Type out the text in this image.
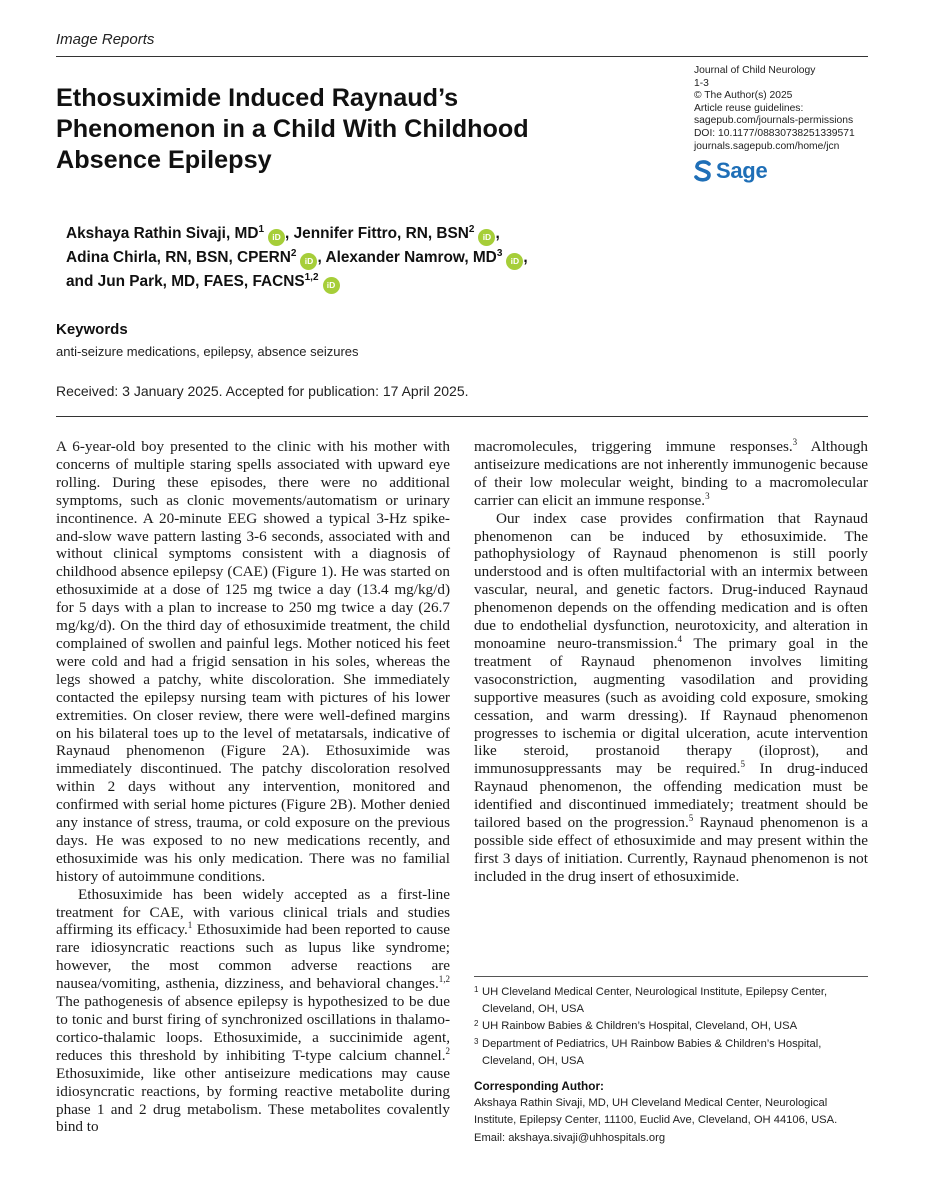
Image Reports
Journal of Child Neurology
1-3
© The Author(s) 2025
Article reuse guidelines:
sagepub.com/journals-permissions
DOI: 10.1177/08830738251339571
journals.sagepub.com/home/jcn
Sage
Ethosuximide Induced Raynaud’s
Phenomenon in a Child With Childhood
Absence Epilepsy
Akshaya Rathin Sivaji, $MD^1iD$ , Jennifer Fittro, RN, BSN$^2$iD ,
Adina Chirla, RN, BSN, CPERN$^2$iD , Alexander Namrow, $MD^3iD$ ,
and Jun Park, MD, FAES, FACNS$^{1,2}$iD
Keywords
anti-seizure medications, epilepsy, absence seizures
Received: 3 January 2025. Accepted for publication: 17 April 2025.

A 6-year-old boy presented to the clinic with his mother with concerns of multiple staring spells associated with upward eye rolling. During these episodes, there were no additional symptoms, such as clonic movements/automatism or urinary incontinence. A 20-minute EEG showed a typical 3-Hz spike-and-slow wave pattern lasting 3-6 seconds, associated with and without clinical symptoms consistent with a diagnosis of childhood absence epilepsy (CAE) (Figure 1). He was started on ethosuximide at a dose of 125 mg twice a day (13.4 mg/kg/d) for 5 days with a plan to increase to 250 mg twice a day (26.7 mg/kg/d). On the third day of ethosuximide treatment, the child complained of swollen and painful legs. Mother noticed his feet were cold and had a frigid sensation in his soles, whereas the legs showed a patchy, white discoloration. She immediately contacted the epilepsy nursing team with pictures of his lower extremities. On closer review, there were well-defined margins on his bilateral toes up to the level of metatarsals, indicative of Raynaud phenomenon (Figure 2A). Ethosuximide was immediately discontinued. The patchy discoloration resolved within 2 days without any intervention, monitored and confirmed with serial home pictures (Figure 2B). Mother denied any instance of stress, trauma, or cold exposure on the previous days. He was exposed to no new medications recently, and ethosuximide was his only medication. There was no familial history of autoimmune conditions.

Ethosuximide has been widely accepted as a first-line treatment for CAE, with various clinical trials and studies affirming its efficacy.$^1$ Ethosuximide had been reported to cause rare idiosyncratic reactions such as lupus like syndrome; however, the most common adverse reactions are nausea/vomiting, asthenia, dizziness, and behavioral changes.$^{1,2}$ The pathogenesis of absence epilepsy is hypothesized to be due to tonic and burst firing of synchronized oscillations in thalamo-cortico-thalamic loops. Ethosuximide, a succinimide agent, reduces this threshold by inhibiting T-type calcium channel.$^2$ Ethosuximide, like other antiseizure medications may cause idiosyncratic reactions, by forming reactive metabolite during phase 1 and 2 drug metabolism. These metabolites covalently bind to

macromolecules, triggering immune responses.$^3$ Although antiseizure medications are not inherently immunogenic because of their low molecular weight, binding to a macromolecular carrier can elicit an immune response.$^3$

Our index case provides confirmation that Raynaud phenomenon can be induced by ethosuximide. The pathophysiology of Raynaud phenomenon is still poorly understood and is often multifactorial with an intermix between vascular, neural, and genetic factors. Drug-induced Raynaud phenomenon depends on the offending medication and is often due to endothelial dysfunction, neurotoxicity, and alteration in monoamine neuro-transmission.$^4$ The primary goal in the treatment of Raynaud phenomenon involves limiting vasoconstriction, augmenting vasodilation and providing supportive measures (such as avoiding cold exposure, smoking cessation, and warm dressing). If Raynaud phenomenon progresses to ischemia or digital ulceration, acute intervention like steroid, prostanoid therapy (iloprost), and immunosuppressants may be required.$^5$ In drug-induced Raynaud phenomenon, the offending medication must be identified and discontinued immediately; treatment should be tailored based on the progression.$^5$ Raynaud phenomenon is a possible side effect of ethosuximide and may present within the first 3 days of initiation. Currently, Raynaud phenomenon is not included in the drug insert of ethosuximide.

1 UH Cleveland Medical Center, Neurological Institute, Epilepsy Center, Cleveland, OH, USA
2 UH Rainbow Babies & Children’s Hospital, Cleveland, OH, USA
3 Department of Pediatrics, UH Rainbow Babies & Children’s Hospital, Cleveland, OH, USA
Corresponding Author:
Akshaya Rathin Sivaji, MD, UH Cleveland Medical Center, Neurological Institute, Epilepsy Center, 11100, Euclid Ave, Cleveland, OH 44106, USA.
Email: akshaya.sivaji@uhhospitals.org
